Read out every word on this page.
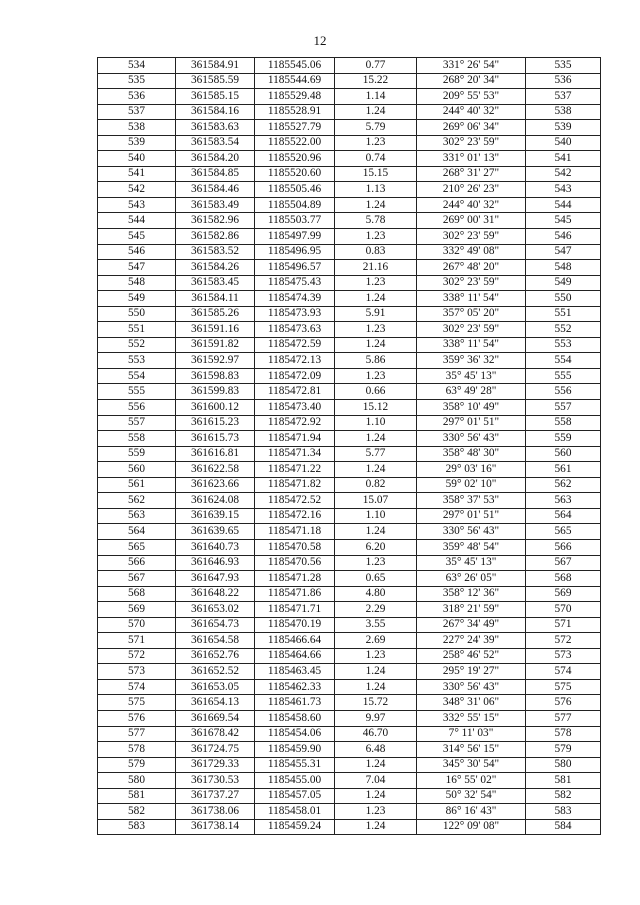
12
534	361584.91	1185545.06	0.77	331° 26' 54"	535
535	361585.59	1185544.69	15.22	268° 20' 34"	536
536	361585.15	1185529.48	1.14	209° 55' 53"	537
537	361584.16	1185528.91	1.24	244° 40' 32"	538
538	361583.63	1185527.79	5.79	269° 06' 34"	539
539	361583.54	1185522.00	1.23	302° 23' 59"	540
540	361584.20	1185520.96	0.74	331° 01' 13"	541
541	361584.85	1185520.60	15.15	268° 31' 27"	542
542	361584.46	1185505.46	1.13	210° 26' 23"	543
543	361583.49	1185504.89	1.24	244° 40' 32"	544
544	361582.96	1185503.77	5.78	269° 00' 31"	545
545	361582.86	1185497.99	1.23	302° 23' 59"	546
546	361583.52	1185496.95	0.83	332° 49' 08"	547
547	361584.26	1185496.57	21.16	267° 48' 20"	548
548	361583.45	1185475.43	1.23	302° 23' 59"	549
549	361584.11	1185474.39	1.24	338° 11' 54"	550
550	361585.26	1185473.93	5.91	357° 05' 20"	551
551	361591.16	1185473.63	1.23	302° 23' 59"	552
552	361591.82	1185472.59	1.24	338° 11' 54"	553
553	361592.97	1185472.13	5.86	359° 36' 32"	554
554	361598.83	1185472.09	1.23	35° 45' 13"	555
555	361599.83	1185472.81	0.66	63° 49' 28"	556
556	361600.12	1185473.40	15.12	358° 10' 49"	557
557	361615.23	1185472.92	1.10	297° 01' 51"	558
558	361615.73	1185471.94	1.24	330° 56' 43"	559
559	361616.81	1185471.34	5.77	358° 48' 30"	560
560	361622.58	1185471.22	1.24	29° 03' 16"	561
561	361623.66	1185471.82	0.82	59° 02' 10"	562
562	361624.08	1185472.52	15.07	358° 37' 53"	563
563	361639.15	1185472.16	1.10	297° 01' 51"	564
564	361639.65	1185471.18	1.24	330° 56' 43"	565
565	361640.73	1185470.58	6.20	359° 48' 54"	566
566	361646.93	1185470.56	1.23	35° 45' 13"	567
567	361647.93	1185471.28	0.65	63° 26' 05"	568
568	361648.22	1185471.86	4.80	358° 12' 36"	569
569	361653.02	1185471.71	2.29	318° 21' 59"	570
570	361654.73	1185470.19	3.55	267° 34' 49"	571
571	361654.58	1185466.64	2.69	227° 24' 39"	572
572	361652.76	1185464.66	1.23	258° 46' 52"	573
573	361652.52	1185463.45	1.24	295° 19' 27"	574
574	361653.05	1185462.33	1.24	330° 56' 43"	575
575	361654.13	1185461.73	15.72	348° 31' 06"	576
576	361669.54	1185458.60	9.97	332° 55' 15"	577
577	361678.42	1185454.06	46.70	7° 11' 03"	578
578	361724.75	1185459.90	6.48	314° 56' 15"	579
579	361729.33	1185455.31	1.24	345° 30' 54"	580
580	361730.53	1185455.00	7.04	16° 55' 02"	581
581	361737.27	1185457.05	1.24	50° 32' 54"	582
582	361738.06	1185458.01	1.23	86° 16' 43"	583
583	361738.14	1185459.24	1.24	122° 09' 08"	584
